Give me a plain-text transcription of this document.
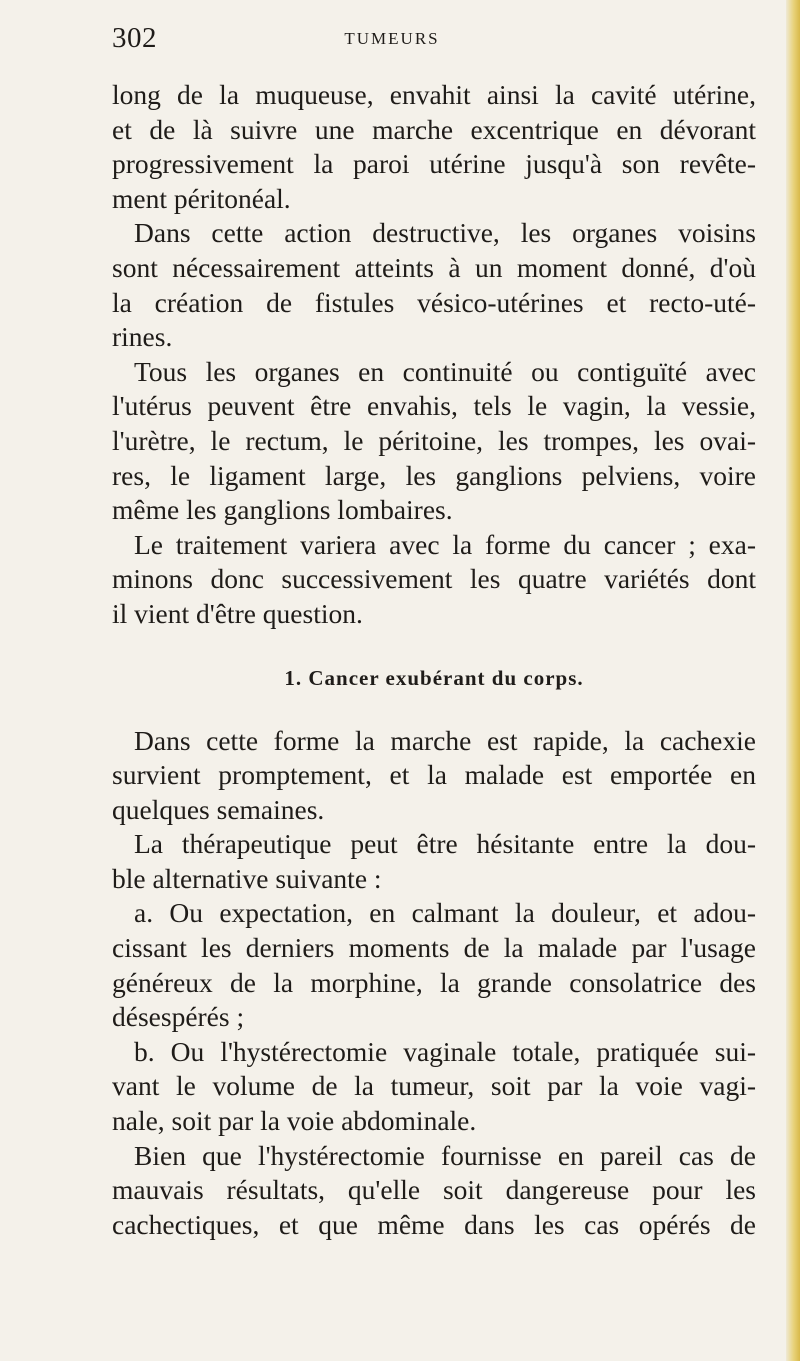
302	TUMEURS
long de la muqueuse, envahit ainsi la cavité utérine,
et de là suivre une marche excentrique en dévorant
progressivement la paroi utérine jusqu'à son revête-
ment péritonéal.
Dans cette action destructive, les organes voisins
sont nécessairement atteints à un moment donné, d'où
la création de fistules vésico-utérines et recto-uté-
rines.
Tous les organes en continuité ou contiguïté avec
l'utérus peuvent être envahis, tels le vagin, la vessie,
l'urètre, le rectum, le péritoine, les trompes, les ovai-
res, le ligament large, les ganglions pelviens, voire
même les ganglions lombaires.
Le traitement variera avec la forme du cancer ; exa-
minons donc successivement les quatre variétés dont
il vient d'être question.
1. Cancer exubérant du corps.
Dans cette forme la marche est rapide, la cachexie
survient promptement, et la malade est emportée en
quelques semaines.
La thérapeutique peut être hésitante entre la dou-
ble alternative suivante :
a. Ou expectation, en calmant la douleur, et adou-
cissant les derniers moments de la malade par l'usage
généreux de la morphine, la grande consolatrice des
désespérés ;
b. Ou l'hystérectomie vaginale totale, pratiquée sui-
vant le volume de la tumeur, soit par la voie vagi-
nale, soit par la voie abdominale.
Bien que l'hystérectomie fournisse en pareil cas de
mauvais résultats, qu'elle soit dangereuse pour les
cachectiques, et que même dans les cas opérés de
